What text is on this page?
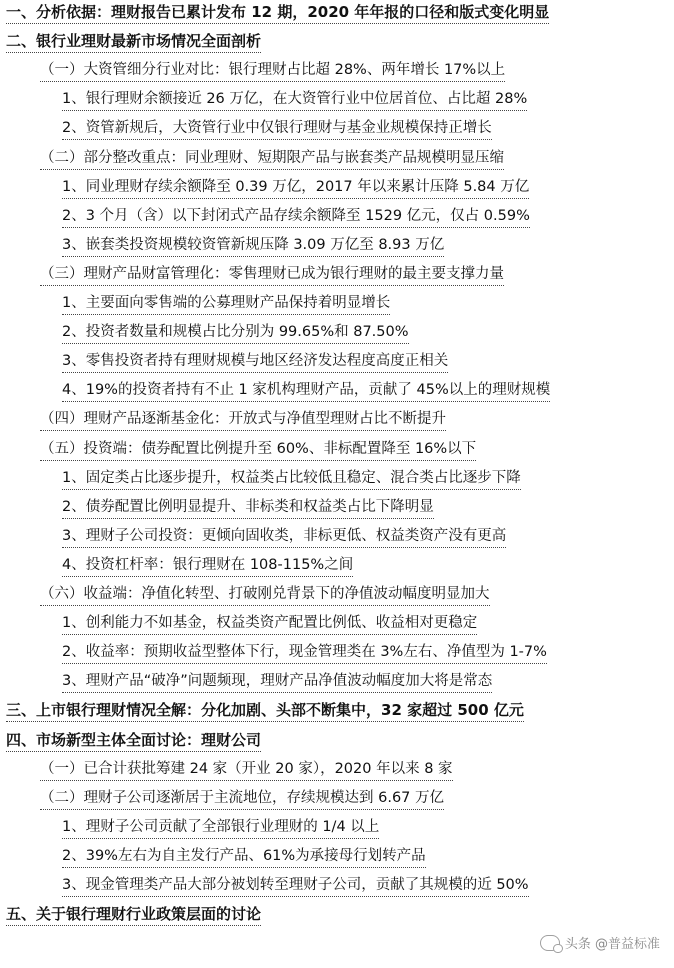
一、分析依据：理财报告已累计发布 12 期，2020 年年报的口径和版式变化明显
二、银行业理财最新市场情况全面剖析
（一）大资管细分行业对比：银行理财占比超 28%、两年增长 17%以上
1、银行理财余额接近 26 万亿，在大资管行业中位居首位、占比超 28%
2、资管新规后，大资管行业中仅银行理财与基金业规模保持正增长
（二）部分整改重点：同业理财、短期限产品与嵌套类产品规模明显压缩
1、同业理财存续余额降至 0.39 万亿，2017 年以来累计压降 5.84 万亿
2、3 个月（含）以下封闭式产品存续余额降至 1529 亿元，仅占 0.59%
3、嵌套类投资规模较资管新规压降 3.09 万亿至 8.93 万亿
（三）理财产品财富管理化：零售理财已成为银行理财的最主要支撑力量
1、主要面向零售端的公募理财产品保持着明显增长
2、投资者数量和规模占比分别为 99.65%和 87.50%
3、零售投资者持有理财规模与地区经济发达程度高度正相关
4、19%的投资者持有不止 1 家机构理财产品，贡献了 45%以上的理财规模
（四）理财产品逐渐基金化：开放式与净值型理财占比不断提升
（五）投资端：债券配置比例提升至 60%、非标配置降至 16%以下
1、固定类占比逐步提升，权益类占比较低且稳定、混合类占比逐步下降
2、债券配置比例明显提升、非标类和权益类占比下降明显
3、理财子公司投资：更倾向固收类，非标更低、权益类资产没有更高
4、投资杠杆率：银行理财在 108-115%之间
（六）收益端：净值化转型、打破刚兑背景下的净值波动幅度明显加大
1、创利能力不如基金，权益类资产配置比例低、收益相对更稳定
2、收益率：预期收益型整体下行，现金管理类在 3%左右、净值型为 1-7%
3、理财产品“破净”问题频现，理财产品净值波动幅度加大将是常态
三、上市银行理财情况全解：分化加剧、头部不断集中，32 家超过 500 亿元
四、市场新型主体全面讨论：理财公司
（一）已合计获批筹建 24 家（开业 20 家），2020 年以来 8 家
（二）理财子公司逐渐居于主流地位，存续规模达到 6.67 万亿
1、理财子公司贡献了全部银行业理财的 1/4 以上
2、39%左右为自主发行产品、61%为承接母行划转产品
3、现金管理类产品大部分被划转至理财子公司，贡献了其规模的近 50%
五、关于银行理财行业政策层面的讨论
头条 @普益标准
